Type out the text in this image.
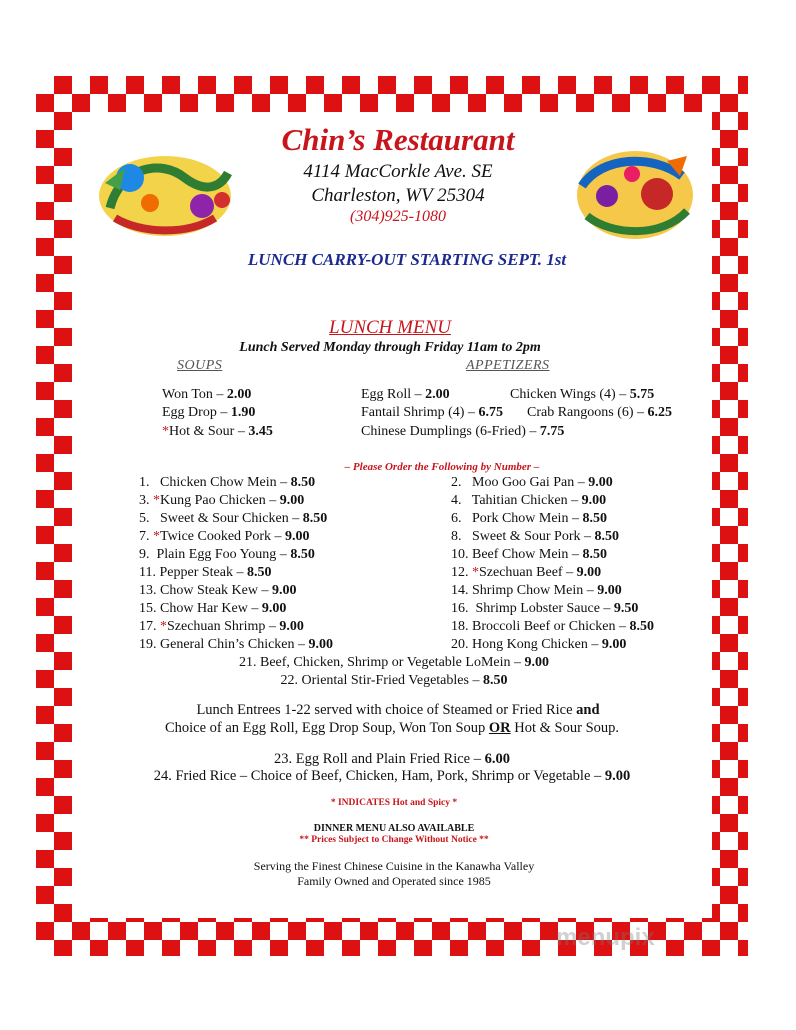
Chin’s Restaurant
4114 MacCorkle Ave. SE
Charleston, WV 25304
(304)925-1080
LUNCH CARRY-OUT STARTING SEPT. 1st
LUNCH MENU
Lunch Served Monday through Friday 11am to 2pm
SOUPS	APPETIZERS
Won Ton – 2.00
Egg Drop – 1.90
*Hot & Sour – 3.45
Egg Roll – 2.00	Chicken Wings (4) – 5.75
Fantail Shrimp (4) – 6.75 Crab Rangoons (6) – 6.25
Chinese Dumplings (6-Fried) – 7.75
– Please Order the Following by Number –
1. Chicken Chow Mein – 8.50
3. *Kung Pao Chicken – 9.00
5. Sweet & Sour Chicken – 8.50
7. *Twice Cooked Pork – 9.00
9. Plain Egg Foo Young – 8.50
11. Pepper Steak – 8.50
13. Chow Steak Kew – 9.00
15. Chow Har Kew – 9.00
17. *Szechuan Shrimp – 9.00
19. General Chin’s Chicken – 9.00
2. Moo Goo Gai Pan – 9.00
4. Tahitian Chicken – 9.00
6. Pork Chow Mein – 8.50
8. Sweet & Sour Pork – 8.50
10. Beef Chow Mein – 8.50
12. *Szechuan Beef – 9.00
14. Shrimp Chow Mein – 9.00
16. Shrimp Lobster Sauce – 9.50
18. Broccoli Beef or Chicken – 8.50
20. Hong Kong Chicken – 9.00
21. Beef, Chicken, Shrimp or Vegetable LoMein – 9.00
22. Oriental Stir-Fried Vegetables – 8.50
Lunch Entrees 1-22 served with choice of Steamed or Fried Rice and
Choice of an Egg Roll, Egg Drop Soup, Won Ton Soup OR Hot & Sour Soup.
23. Egg Roll and Plain Fried Rice – 6.00
24. Fried Rice – Choice of Beef, Chicken, Ham, Pork, Shrimp or Vegetable – 9.00
* INDICATES Hot and Spicy *
DINNER MENU ALSO AVAILABLE
** Prices Subject to Change Without Notice **
Serving the Finest Chinese Cuisine in the Kanawha Valley
Family Owned and Operated since 1985
menupix
